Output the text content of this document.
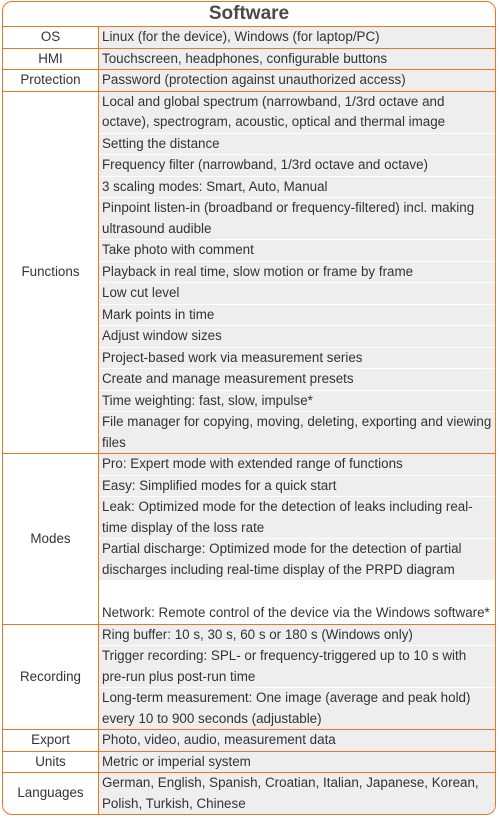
Software
OS	Linux (for the device), Windows (for laptop/PC)
HMI	Touchscreen, headphones, configurable buttons
Protection	Password (protection against unauthorized access)
Functions	Local and global spectrum (narrowband, 1/3rd octave and octave), spectrogram, acoustic, optical and thermal image
	Setting the distance
	Frequency filter (narrowband, 1/3rd octave and octave)
	3 scaling modes: Smart, Auto, Manual
	Pinpoint listen-in (broadband or frequency-filtered) incl. making ultrasound audible
	Take photo with comment
	Playback in real time, slow motion or frame by frame
	Low cut level
	Mark points in time
	Adjust window sizes
	Project-based work via measurement series
	Create and manage measurement presets
	Time weighting: fast, slow, impulse*
	File manager for copying, moving, deleting, exporting and viewing files
Modes	Pro: Expert mode with extended range of functions
	Easy: Simplified modes for a quick start
	Leak: Optimized mode for the detection of leaks including real-time display of the loss rate
	Partial discharge: Optimized mode for the detection of partial discharges including real-time display of the PRPD diagram

	Network: Remote control of the device via the Windows software*
Recording	Ring buffer: 10 s, 30 s, 60 s or 180 s (Windows only)
	Trigger recording: SPL- or frequency-triggered up to 10 s with pre-run plus post-run time
	Long-term measurement: One image (average and peak hold) every 10 to 900 seconds (adjustable)
Export	Photo, video, audio, measurement data
Units	Metric or imperial system
Languages	German, English, Spanish, Croatian, Italian, Japanese, Korean, Polish, Turkish, Chinese
